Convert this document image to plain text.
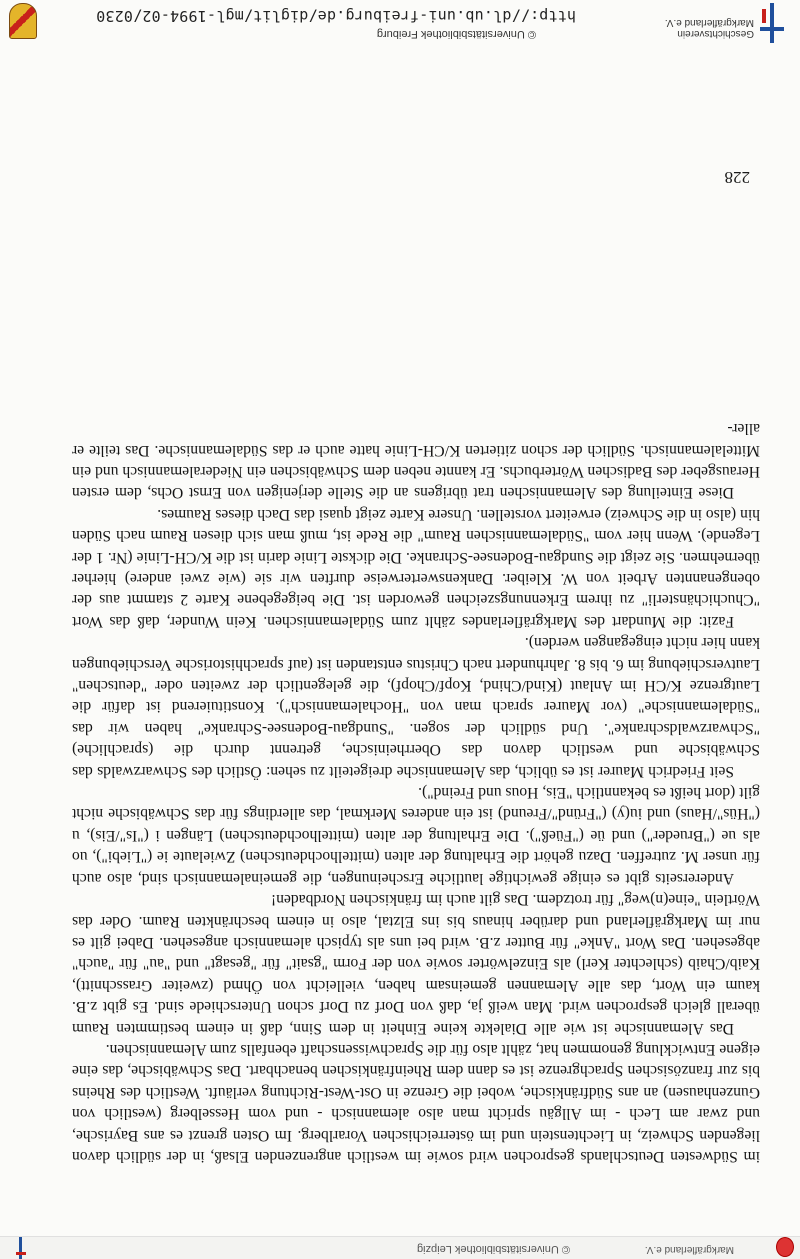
© Universitätsbibliothek Leipzig	Markgräflerland e.V.

im Südwesten Deutschlands gesprochen wird sowie im westlich angrenzenden Elsaß, in der südlich davon liegenden Schweiz, in Liechtenstein und im österreichischen Vorarlberg. Im Osten grenzt es ans Bayrische, und zwar am Lech - im Allgäu spricht man also alemannisch - und vom Hesselberg (westlich von Gunzenhausen) an ans Südfränkische, wobei die Grenze in Ost-West-Richtung verläuft. Westlich des Rheins bis zur französischen Sprachgrenze ist es dann dem Rheinfränkischen benachbart. Das Schwäbische, das eine eigene Entwicklung genommen hat, zählt also für die Sprachwissenschaft ebenfalls zum Alemannischen.

Das Alemannische ist wie alle Dialekte keine Einheit in dem Sinn, daß in einem bestimmten Raum überall gleich gesprochen wird. Man weiß ja, daß von Dorf zu Dorf schon Unterschiede sind. Es gibt z.B. kaum ein Wort, das alle Alemannen gemeinsam haben, vielleicht von Öhmd (zweiter Grasschnitt), Kaib/Chaib (schlechter Kerl) als Einzelwörter sowie von der Form "gsait" für "gesagt" und "au" für "auch" abgesehen. Das Wort "Anke" für Butter z.B. wird bei uns als typisch alemannisch angesehen. Dabei gilt es nur im Markgräflerland und darüber hinaus bis ins Elztal, also in einem beschränkten Raum. Oder das Wörtlein "eine(n)weg" für trotzdem. Das gilt auch im fränkischen Nordbaden!

Andererseits gibt es einige gewichtige lautliche Erscheinungen, die gemeinalemannisch sind, also auch für unser M. zutreffen. Dazu gehört die Erhaltung der alten (mittelhochdeutschen) Zwielaute ie ("Liebi"), uo als ue ("Brueder") und üe ("Füeß"). Die Erhaltung der alten (mittelhochdeutschen) Längen i ("Is"/Eis), u ("Hüs"/Haus) und iu(y) ("Fründ"/Freund) ist ein anderes Merkmal, das allerdings für das Schwäbische nicht gilt (dort heißt es bekanntlich "Eis, Hous und Freind").

Seit Friedrich Maurer ist es üblich, das Alemannische dreigeteilt zu sehen: Östlich des Schwarzwalds das Schwäbische und westlich davon das Oberrheinische, getrennt durch die (sprachliche) "Schwarzwaldschranke". Und südlich der sogen. "Sundgau-Bodensee-Schranke" haben wir das "Südalemannische" (vor Maurer sprach man von "Hochalemannisch"). Konstituierend ist dafür die Lautgrenze K/CH im Anlaut (Kind/Chind, Kopf/Chopf), die gelegentlich der zweiten oder "deutschen" Lautverschiebung im 6. bis 8. Jahrhundert nach Christus entstanden ist (auf sprachhistorische Verschiebungen kann hier nicht eingegangen werden).

Fazit: die Mundart des Markgräflerlandes zählt zum Südalemannischen. Kein Wunder, daß das Wort "Chuchichänsterli" zu ihrem Erkennungszeichen geworden ist. Die beigegebene Karte 2 stammt aus der obengenannten Arbeit von W. Kleiber. Dankenswerterweise durften wir sie (wie zwei andere) hierher übernehmen. Sie zeigt die Sundgau-Bodensee-Schranke. Die dickste Linie darin ist die K/CH-Linie (Nr. 1 der Legende). Wenn hier vom "Südalemannischen Raum" die Rede ist, muß man sich diesen Raum nach Süden hin (also in die Schweiz) erweitert vorstellen. Unsere Karte zeigt quasi das Dach dieses Raumes.

Diese Einteilung des Alemannischen trat übrigens an die Stelle derjenigen von Ernst Ochs, dem ersten Herausgeber des Badischen Wörterbuchs. Er kannte neben dem Schwäbischen ein Niederalemannisch und ein Mittelalemannisch. Südlich der schon zitierten K/CH-Linie hatte auch er das Südalemannische. Das teilte er aller-

228
Geschichtsverein
Markgräflerland e.V.
© Universitätsbibliothek Freiburg
http://dl.ub.uni-freiburg.de/diglit/mgl-1994-02/0230
